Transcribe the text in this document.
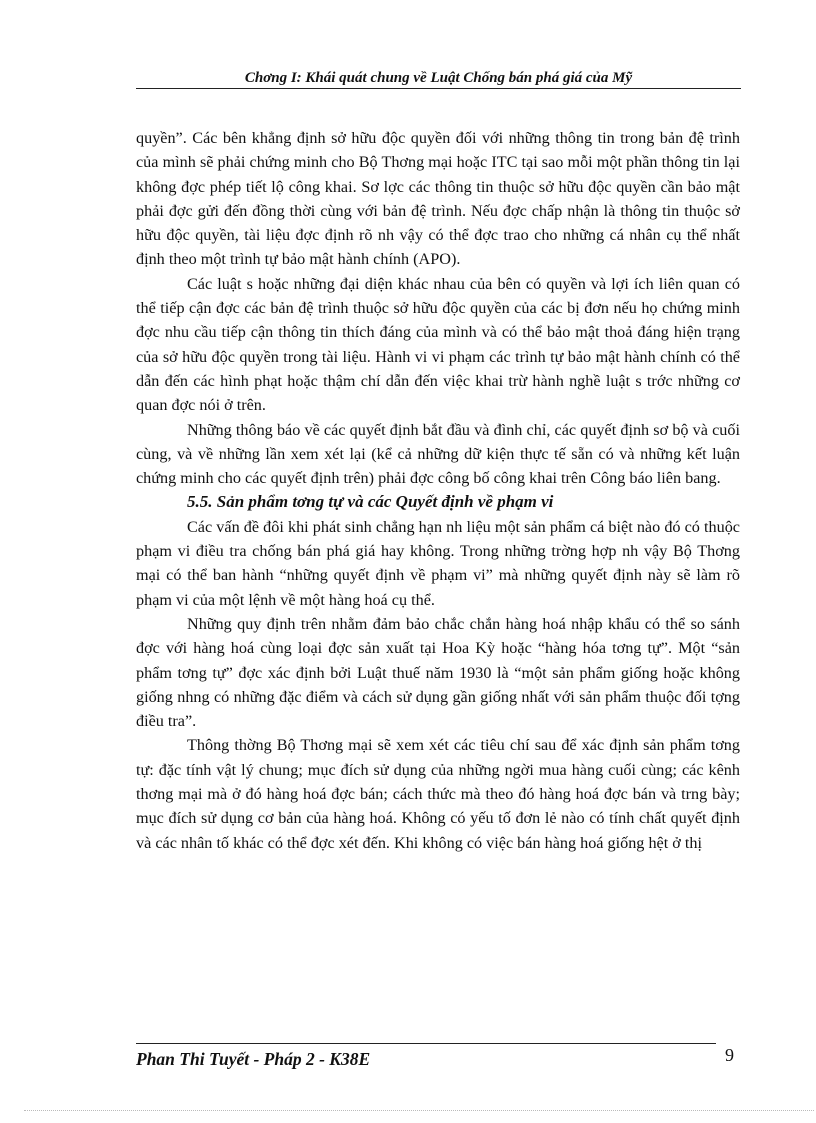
Chơng I: Khái quát chung về Luật Chống bán phá giá của Mỹ

quyền”. Các bên khẳng định sở hữu độc quyền đối với những thông tin trong bản đệ trình của mình sẽ phải chứng minh cho Bộ Thơng mại hoặc ITC tại sao mỗi một phần thông tin lại không đợc phép tiết lộ công khai. Sơ lợc các thông tin thuộc sở hữu độc quyền cần bảo mật phải đợc gửi đến đồng thời cùng với bản đệ trình. Nếu đợc chấp nhận là thông tin thuộc sở hữu độc quyền, tài liệu đợc định rõ nh vậy có thể đợc trao cho những cá nhân cụ thể nhất định theo một trình tự bảo mật hành chính (APO).

Các luật s hoặc những đại diện khác nhau của bên có quyền và lợi ích liên quan có thể tiếp cận đợc các bản đệ trình thuộc sở hữu độc quyền của các bị đơn nếu họ chứng minh đợc nhu cầu tiếp cận thông tin thích đáng của mình và có thể bảo mật thoả đáng hiện trạng của sở hữu độc quyền trong tài liệu. Hành vi vi phạm các trình tự bảo mật hành chính có thể dẫn đến các hình phạt hoặc thậm chí dẫn đến việc khai trừ hành nghề luật s trớc những cơ quan đợc nói ở trên.

Những thông báo về các quyết định bắt đầu và đình chỉ, các quyết định sơ bộ và cuối cùng, và về những lần xem xét lại (kể cả những dữ kiện thực tế sẵn có và những kết luận chứng minh cho các quyết định trên) phải đợc công bố công khai trên Công báo liên bang.

5.5. Sản phẩm tơng tự và các Quyết định về phạm vi

Các vấn đề đôi khi phát sinh chẳng hạn nh liệu một sản phẩm cá biệt nào đó có thuộc phạm vi điều tra chống bán phá giá hay không. Trong những trờng hợp nh vậy Bộ Thơng mại có thể ban hành “những quyết định về phạm vi” mà những quyết định này sẽ làm rõ phạm vi của một lệnh về một hàng hoá cụ thể.

Những quy định trên nhằm đảm bảo chắc chắn hàng hoá nhập khẩu có thể so sánh đợc với hàng hoá cùng loại đợc sản xuất tại Hoa Kỳ hoặc “hàng hóa tơng tự”. Một “sản phẩm tơng tự” đợc xác định bởi Luật thuế năm 1930 là “một sản phẩm giống hoặc không giống nhng có những đặc điểm và cách sử dụng gần giống nhất với sản phẩm thuộc đối tợng điều tra”.

Thông thờng Bộ Thơng mại sẽ xem xét các tiêu chí sau để xác định sản phẩm tơng tự: đặc tính vật lý chung; mục đích sử dụng của những ngời mua hàng cuối cùng; các kênh thơng mại mà ở đó hàng hoá đợc bán; cách thức mà theo đó hàng hoá đợc bán và trng bày; mục đích sử dụng cơ bản của hàng hoá. Không có yếu tố đơn lẻ nào có tính chất quyết định và các nhân tố khác có thể đợc xét đến. Khi không có việc bán hàng hoá giống hệt ở thị

Phan Thi Tuyết - Pháp 2 - K38E	9
